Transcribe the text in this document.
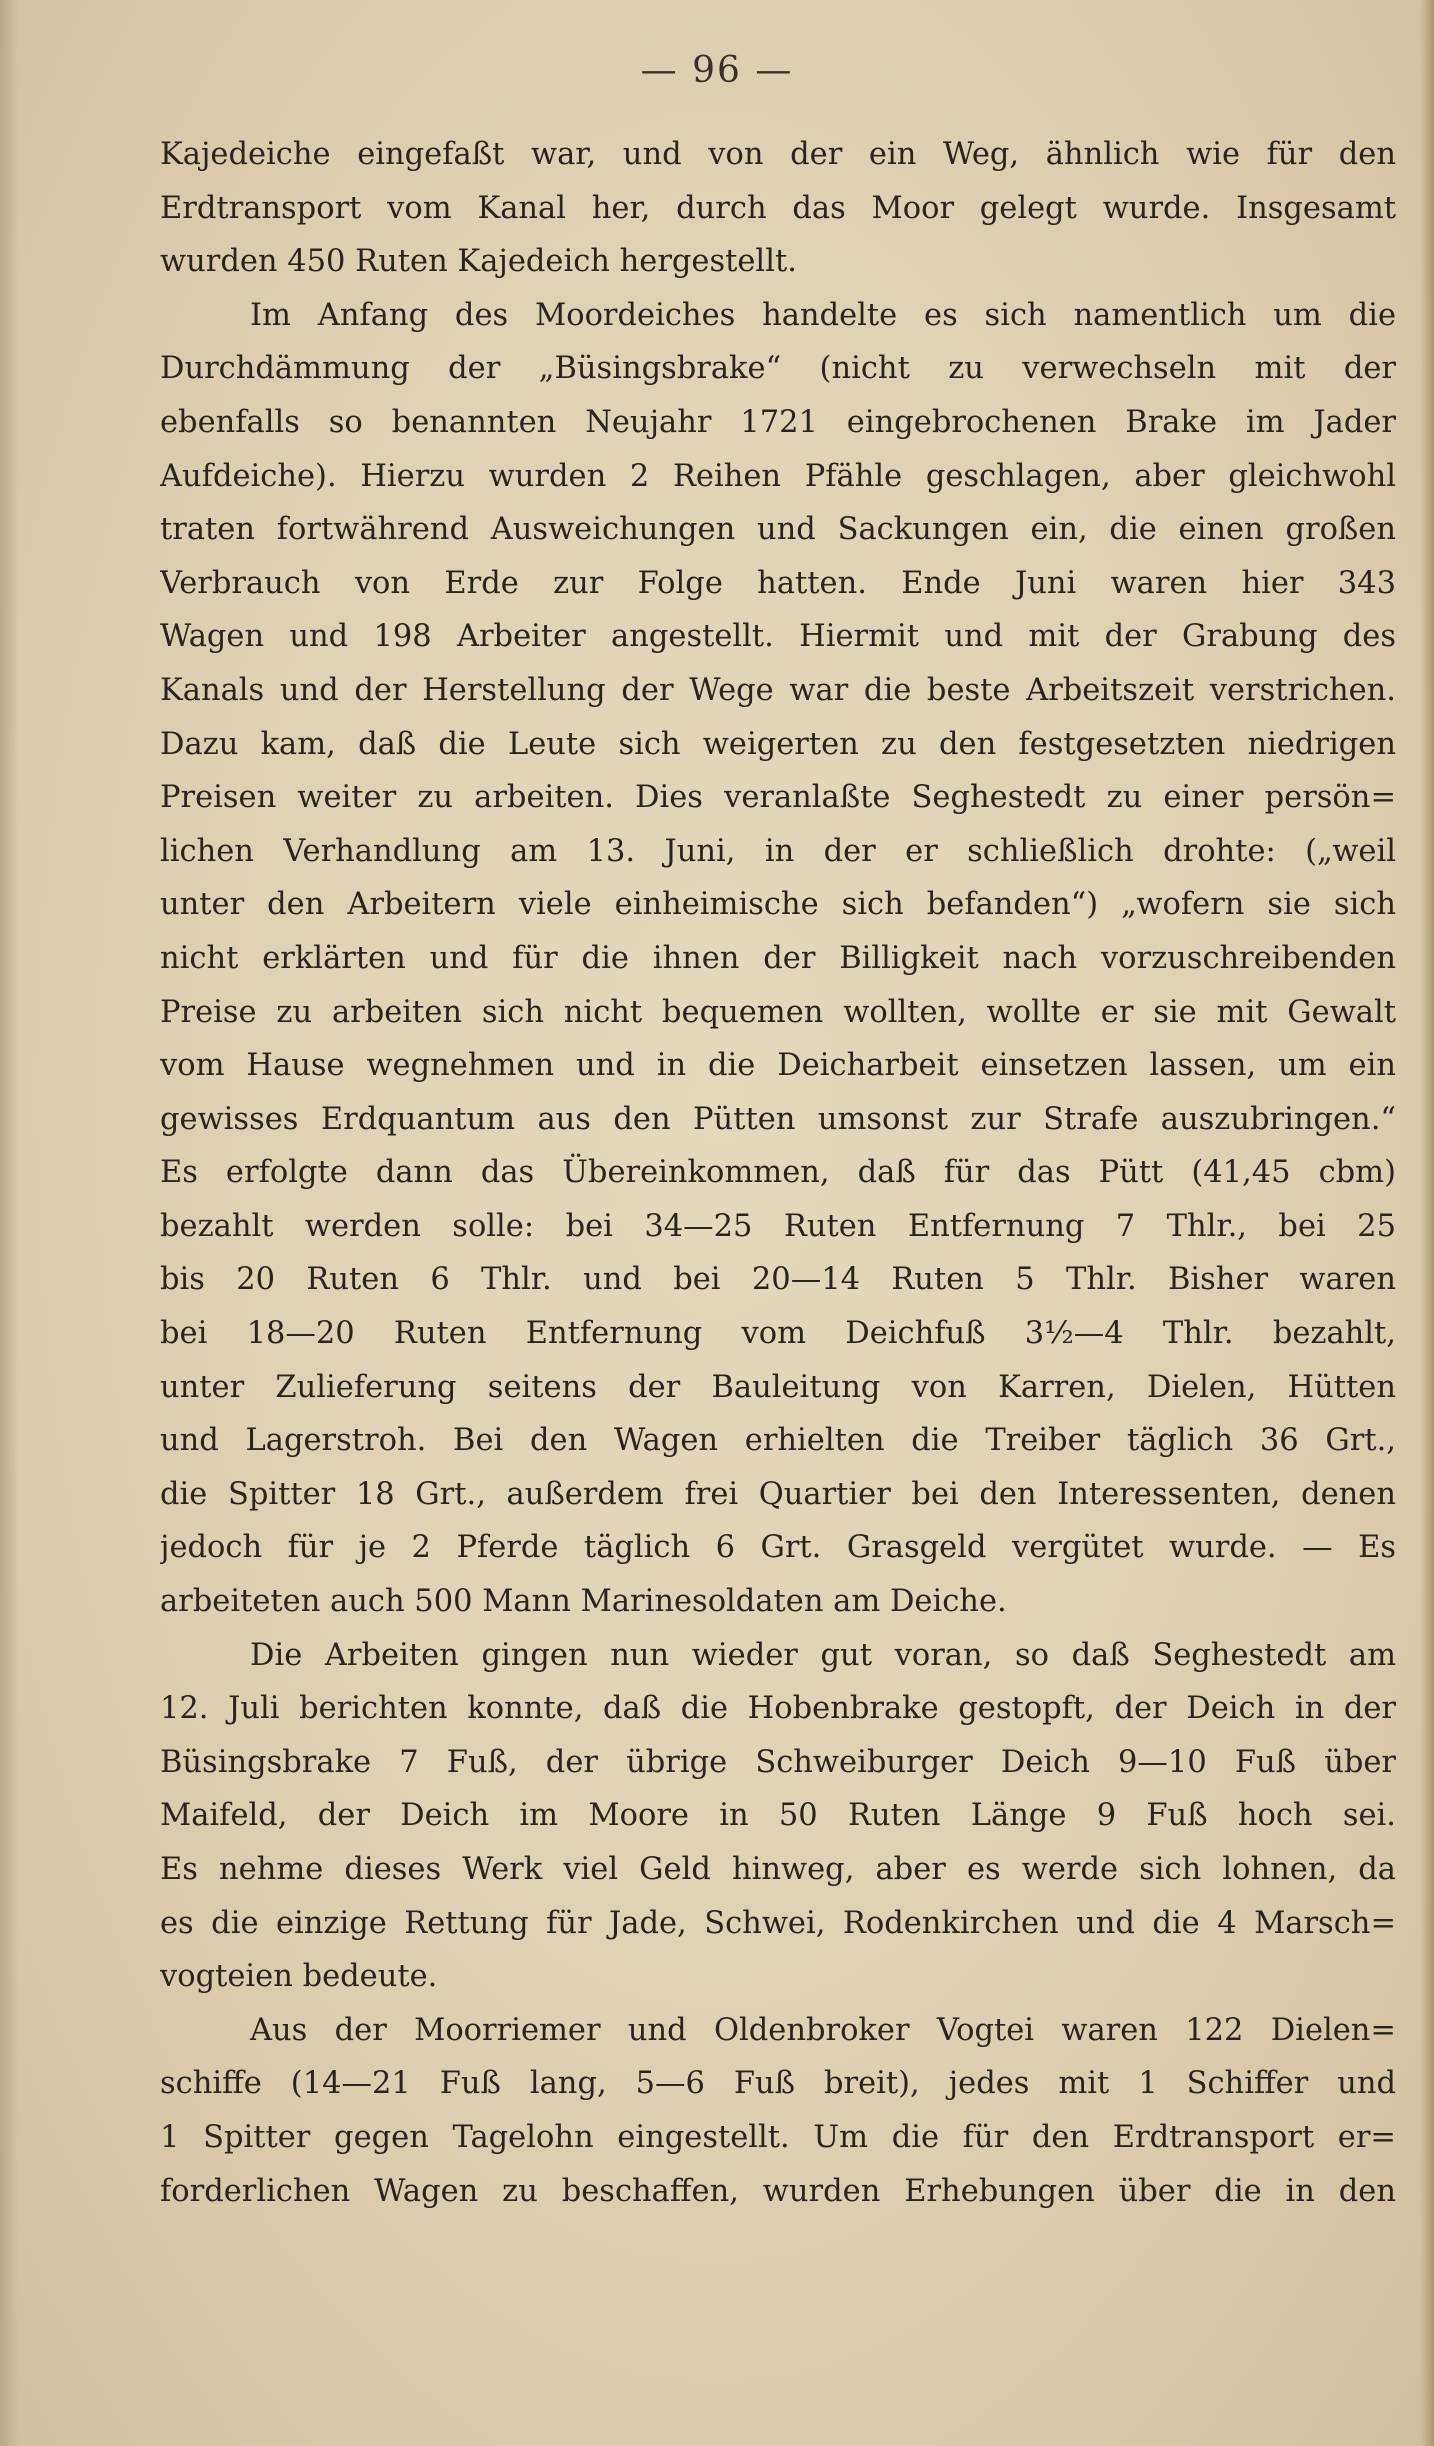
— 96 —
Kajedeiche eingefaßt war, und von der ein Weg, ähnlich wie für den
Erdtransport vom Kanal her, durch das Moor gelegt wurde. Insgesamt
wurden 450 Ruten Kajedeich hergestellt.
Im Anfang des Moordeiches handelte es sich namentlich um die
Durchdämmung der „Büsingsbrake“ (nicht zu verwechseln mit der
ebenfalls so benannten Neujahr 1721 eingebrochenen Brake im Jader
Aufdeiche). Hierzu wurden 2 Reihen Pfähle geschlagen, aber gleichwohl
traten fortwährend Ausweichungen und Sackungen ein, die einen großen
Verbrauch von Erde zur Folge hatten. Ende Juni waren hier 343
Wagen und 198 Arbeiter angestellt. Hiermit und mit der Grabung des
Kanals und der Herstellung der Wege war die beste Arbeitszeit verstrichen.
Dazu kam, daß die Leute sich weigerten zu den festgesetzten niedrigen
Preisen weiter zu arbeiten. Dies veranlaßte Seghestedt zu einer persön=
lichen Verhandlung am 13. Juni, in der er schließlich drohte: („weil
unter den Arbeitern viele einheimische sich befanden“) „wofern sie sich
nicht erklärten und für die ihnen der Billigkeit nach vorzuschreibenden
Preise zu arbeiten sich nicht bequemen wollten, wollte er sie mit Gewalt
vom Hause wegnehmen und in die Deicharbeit einsetzen lassen, um ein
gewisses Erdquantum aus den Pütten umsonst zur Strafe auszubringen.“
Es erfolgte dann das Übereinkommen, daß für das Pütt (41,45 cbm)
bezahlt werden solle: bei 34—25 Ruten Entfernung 7 Thlr., bei 25
bis 20 Ruten 6 Thlr. und bei 20—14 Ruten 5 Thlr. Bisher waren
bei 18—20 Ruten Entfernung vom Deichfuß 3½—4 Thlr. bezahlt,
unter Zulieferung seitens der Bauleitung von Karren, Dielen, Hütten
und Lagerstroh. Bei den Wagen erhielten die Treiber täglich 36 Grt.,
die Spitter 18 Grt., außerdem frei Quartier bei den Interessenten, denen
jedoch für je 2 Pferde täglich 6 Grt. Grasgeld vergütet wurde. — Es
arbeiteten auch 500 Mann Marinesoldaten am Deiche.
Die Arbeiten gingen nun wieder gut voran, so daß Seghestedt am
12. Juli berichten konnte, daß die Hobenbrake gestopft, der Deich in der
Büsingsbrake 7 Fuß, der übrige Schweiburger Deich 9—10 Fuß über
Maifeld, der Deich im Moore in 50 Ruten Länge 9 Fuß hoch sei.
Es nehme dieses Werk viel Geld hinweg, aber es werde sich lohnen, da
es die einzige Rettung für Jade, Schwei, Rodenkirchen und die 4 Marsch=
vogteien bedeute.
Aus der Moorriemer und Oldenbroker Vogtei waren 122 Dielen=
schiffe (14—21 Fuß lang, 5—6 Fuß breit), jedes mit 1 Schiffer und
1 Spitter gegen Tagelohn eingestellt. Um die für den Erdtransport er=
forderlichen Wagen zu beschaffen, wurden Erhebungen über die in den
